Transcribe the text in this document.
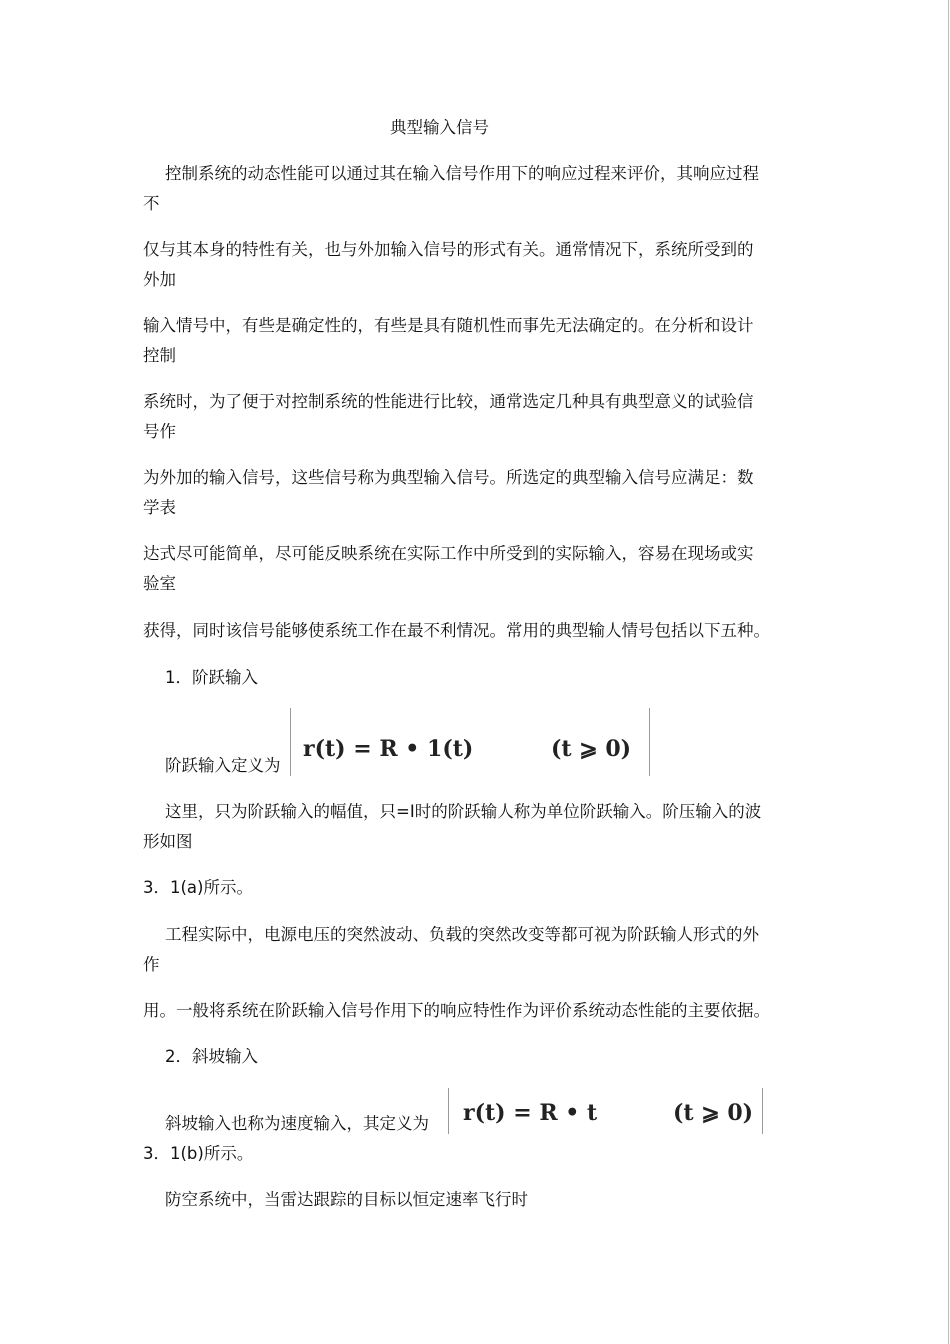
典型输入信号
控制系统的动态性能可以通过其在输入信号作用下的响应过程来评价，其响应过程
不
仅与其本身的特性有关，也与外加输入信号的形式有关。通常情况下，系统所受到的
外加
输入情号中，有些是确定性的，有些是具有随机性而事先无法确定的。在分析和设计
控制
系统时，为了便于对控制系统的性能进行比较，通常选定几种具有典型意义的试验信
号作
为外加的输入信号，这些信号称为典型输入信号。所选定的典型输入信号应满足：数
学表
达式尽可能简单，尽可能反映系统在实际工作中所受到的实际输入，容易在现场或实
验室
获得，同时该信号能够使系统工作在最不利情况。常用的典型输人情号包括以下五种。
1．阶跃输入
阶跃输入定义为
r(t) = R • 1(t)	(t ⩾ 0)
这里，只为阶跃输入的幅值，只=I时的阶跃输人称为单位阶跃输入。阶压输入的波
形如图
3．1(a)所示。
工程实际中，电源电压的突然波动、负载的突然改变等都可视为阶跃输人形式的外
作
用。一般将系统在阶跃输入信号作用下的响应特性作为评价系统动态性能的主要依据。
2．斜坡输入
斜坡输入也称为速度输入，其定义为 r(t) = R • t	(t ⩾ 0)
3．1(b)所示。
防空系统中，当雷达跟踪的目标以恒定速率飞行时
